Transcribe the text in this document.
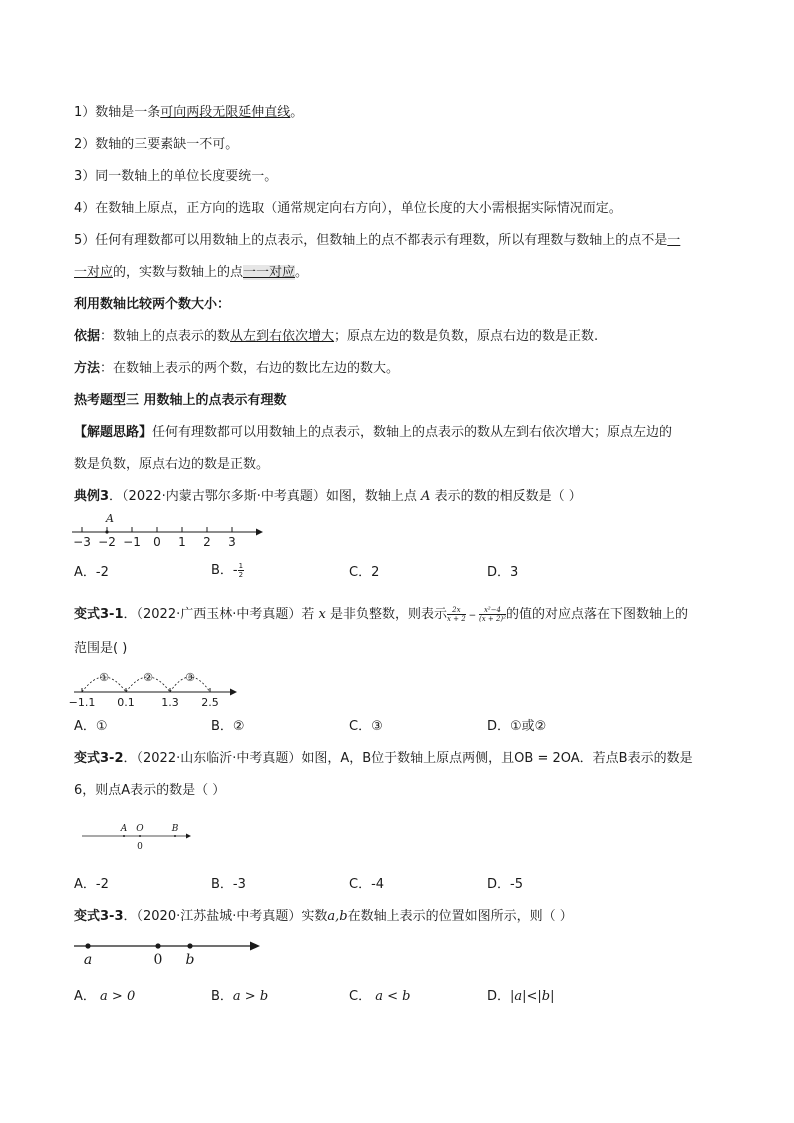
1）数轴是一条可向两段无限延伸直线。
2）数轴的三要素缺一不可。
3）同一数轴上的单位长度要统一。
4）在数轴上原点，正方向的选取（通常规定向右方向），单位长度的大小需根据实际情况而定。
5）任何有理数都可以用数轴上的点表示，但数轴上的点不都表示有理数，所以有理数与数轴上的点不是一
一对应的，实数与数轴上的点一一对应。
利用数轴比较两个数大小：
依据：数轴上的点表示的数从左到右依次增大；原点左边的数是负数，原点右边的数是正数.
方法：在数轴上表示的两个数，右边的数比左边的数大。
热考题型三 用数轴上的点表示有理数
【解题思路】任何有理数都可以用数轴上的点表示，数轴上的点表示的数从左到右依次增大；原点左边的
数是负数，原点右边的数是正数。
典例3．（2022·内蒙古鄂尔多斯·中考真题）如图，数轴上点 A 表示的数的相反数是（ ）
A
−3 −2 −1 0 1 2 3
A．-2	B．- $\frac{1}{2}$	C．2	D．3
变式3-1．（2022·广西玉林·中考真题）若 x 是非负整数，则表示 $\frac{2x}{x + 2} - \frac{\text{x²−4}}{\text{(x + 2)²}}$ 的值的对应点落在下图数轴上的
范围是( )
①	②	③
−1.1 0.1 1.3 2.5
A．①	B．②	C．③	D．①或②
变式3-2．（2022·山东临沂·中考真题）如图，A，B位于数轴上原点两侧，且OB = 2OA．若点B表示的数是
6，则点A表示的数是（ ）
A O	B
0
A．-2	B．-3	C．-4	D．-5
变式3-3．（2020·江苏盐城·中考真题）实数a,b在数轴上表示的位置如图所示，则（ ）
a	0 b
A． a > 0	B．a > b	C． a < b	D．|a|<|b|
